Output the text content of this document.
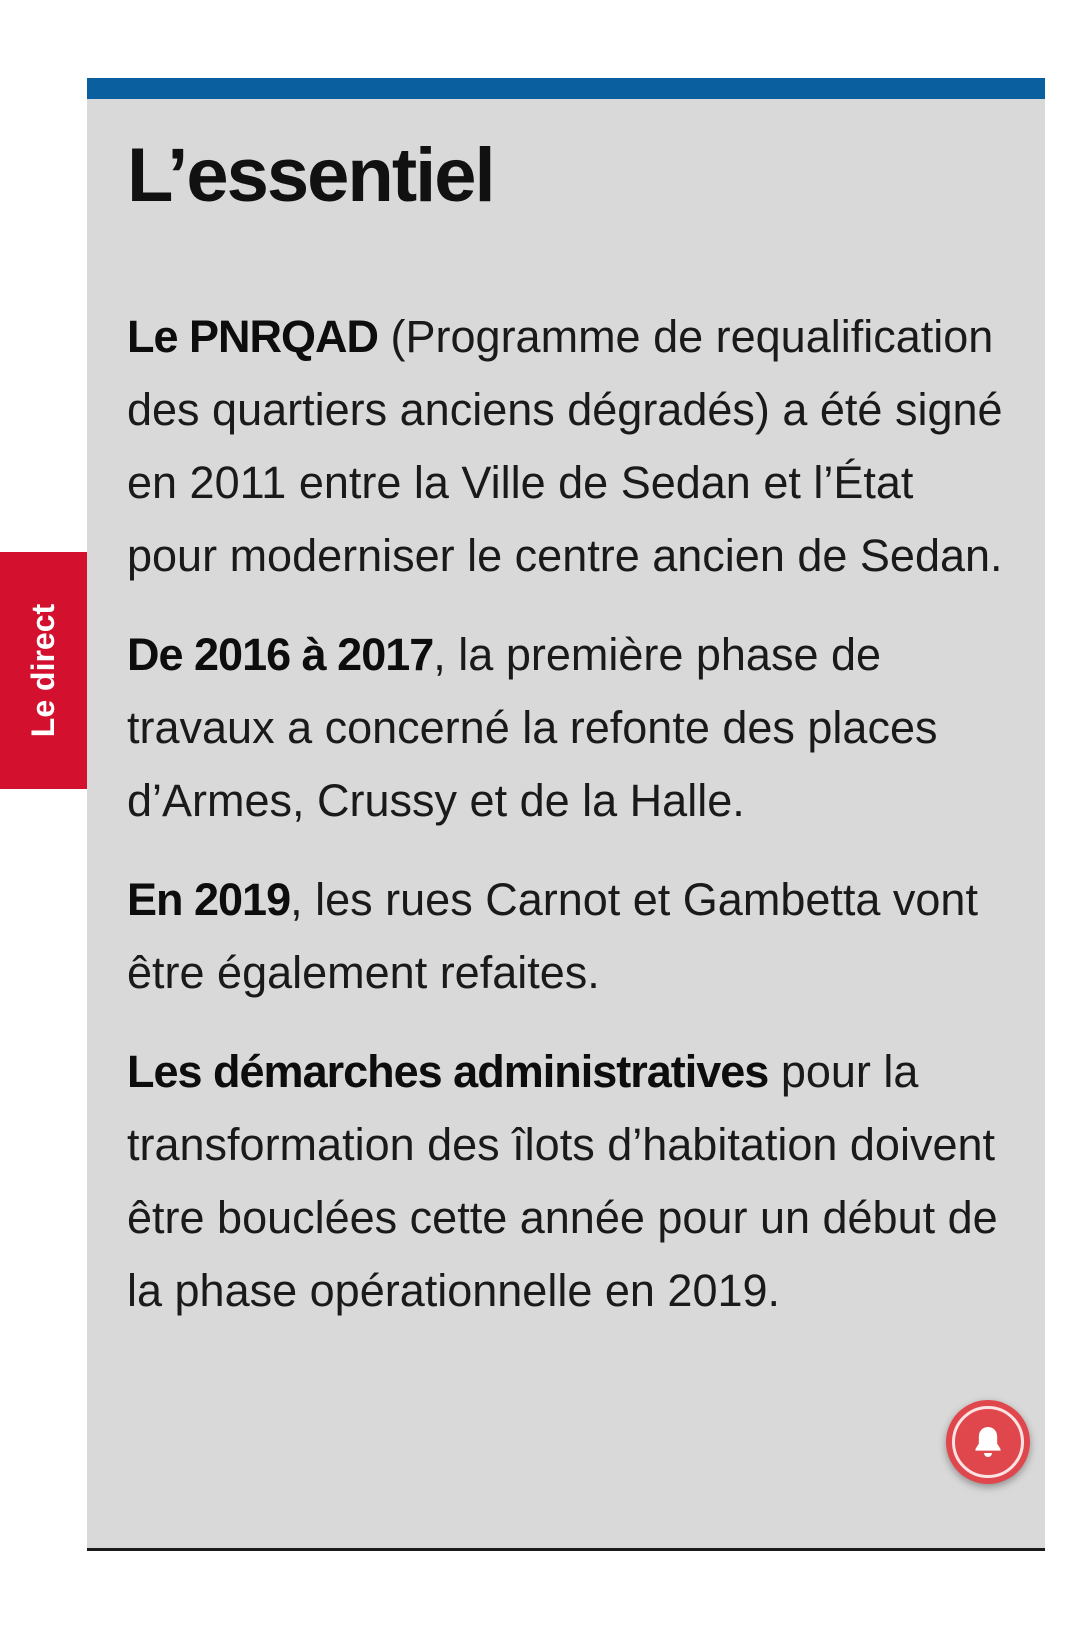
Le direct
L’essentiel

Le PNRQAD (Programme de requalification des quartiers anciens dégradés) a été signé en 2011 entre la Ville de Sedan et l’État pour moderniser le centre ancien de Sedan.

De 2016 à 2017, la première phase de travaux a concerné la refonte des places d’Armes, Crussy et de la Halle.

En 2019, les rues Carnot et Gambetta vont être également refaites.

Les démarches administratives pour la transformation des îlots d’habitation doivent être bouclées cette année pour un début de la phase opérationnelle en 2019.
